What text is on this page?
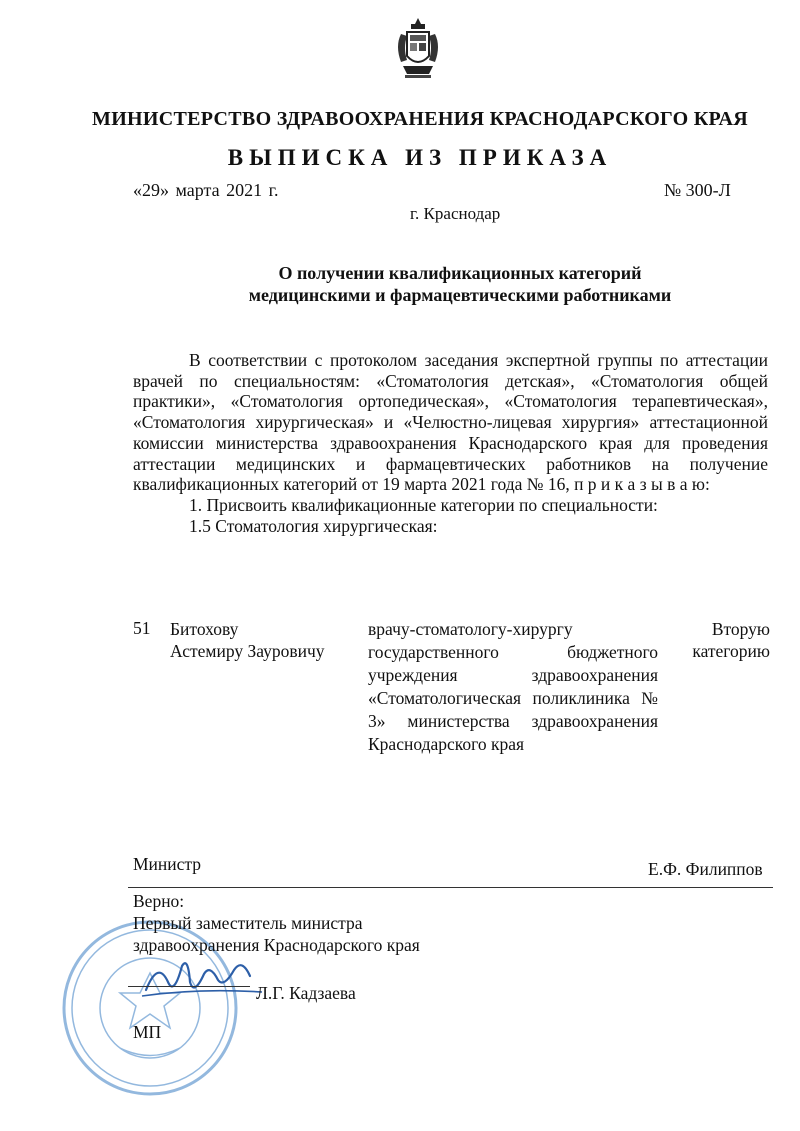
МИНИСТЕРСТВО ЗДРАВООХРАНЕНИЯ КРАСНОДАРСКОГО КРАЯ
ВЫПИСКА ИЗ ПРИКАЗА
«29» марта 2021 г.	№ 300-Л
г. Краснодар
О получении квалификационных категорий
медицинскими и фармацевтическими работниками
В соответствии с протоколом заседания экспертной группы по аттестации врачей по специальностям: «Стоматология детская», «Стоматология общей практики», «Стоматология ортопедическая», «Стоматология терапевтическая», «Стоматология хирургическая» и «Челюстно-лицевая хирургия» аттестационной комиссии министерства здравоохранения Краснодарского края для проведения аттестации медицинских и фармацевтических работников на получение квалификационных категорий от 19 марта 2021 года № 16, п р и к а з ы в а ю:
1. Присвоить квалификационные категории по специальности:
1.5 Стоматология хирургическая:
51 Битохову
Астемиру Зауровичу
врачу-стоматологу-хирургу государственного бюджетного учреждения здравоохранения «Стоматологическая поликлиника № 3» министерства здравоохранения Краснодарского края
Вторую
категорию
Министр	Е.Ф. Филиппов
Верно:
Первый заместитель министра
здравоохранения Краснодарского края
Л.Г. Кадзаева
МП
